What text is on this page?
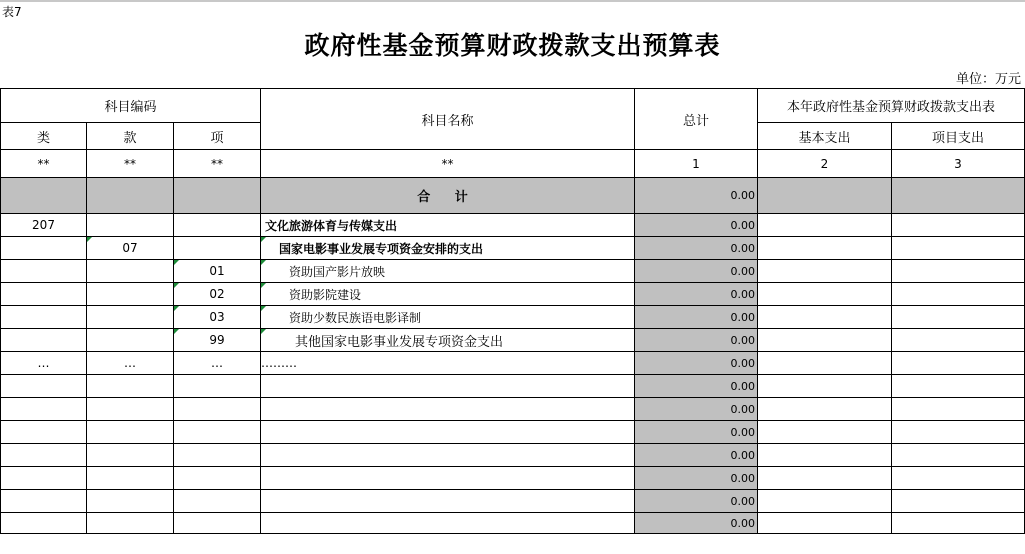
表7
政府性基金预算财政拨款支出预算表
单位：万元
科目编码			科目名称	总计	本年政府性基金预算财政拨款支出表	
类	款	项			基本支出	项目支出
**	**	**	**	1	2	3
			合 计	0.00		
207			文化旅游体育与传媒支出	0.00		
	07		国家电影事业发展专项资金安排的支出	0.00		
		01	资助国产影片放映	0.00		
		02	资助影院建设	0.00		
		03	资助少数民族语电影译制	0.00		
		99	其他国家电影事业发展专项资金支出	0.00		
…	…	…	………	0.00		
				0.00		
				0.00		
				0.00		
				0.00		
				0.00		
				0.00		
				0.00		
